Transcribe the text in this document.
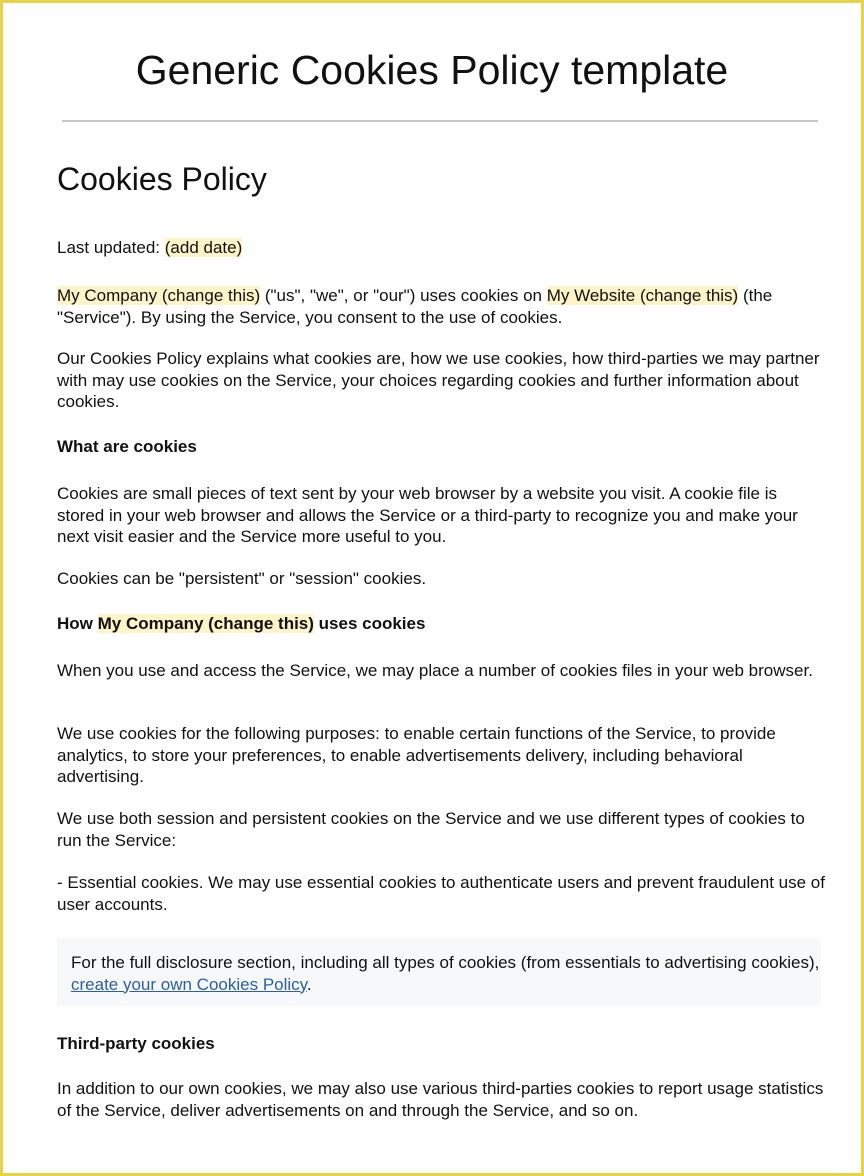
Generic Cookies Policy template
Cookies Policy
Last updated: (add date)
My Company (change this) ("us", "we", or "our") uses cookies on My Website (change this) (the "Service"). By using the Service, you consent to the use of cookies.
Our Cookies Policy explains what cookies are, how we use cookies, how third-parties we may partner with may use cookies on the Service, your choices regarding cookies and further information about cookies.
What are cookies
Cookies are small pieces of text sent by your web browser by a website you visit. A cookie file is stored in your web browser and allows the Service or a third-party to recognize you and make your next visit easier and the Service more useful to you.
Cookies can be "persistent" or "session" cookies.
How My Company (change this) uses cookies
When you use and access the Service, we may place a number of cookies files in your web browser.
We use cookies for the following purposes: to enable certain functions of the Service, to provide analytics, to store your preferences, to enable advertisements delivery, including behavioral advertising.
We use both session and persistent cookies on the Service and we use different types of cookies to run the Service:
- Essential cookies. We may use essential cookies to authenticate users and prevent fraudulent use of user accounts.
For the full disclosure section, including all types of cookies (from essentials to advertising cookies), create your own Cookies Policy.
Third-party cookies
In addition to our own cookies, we may also use various third-parties cookies to report usage statistics of the Service, deliver advertisements on and through the Service, and so on.
